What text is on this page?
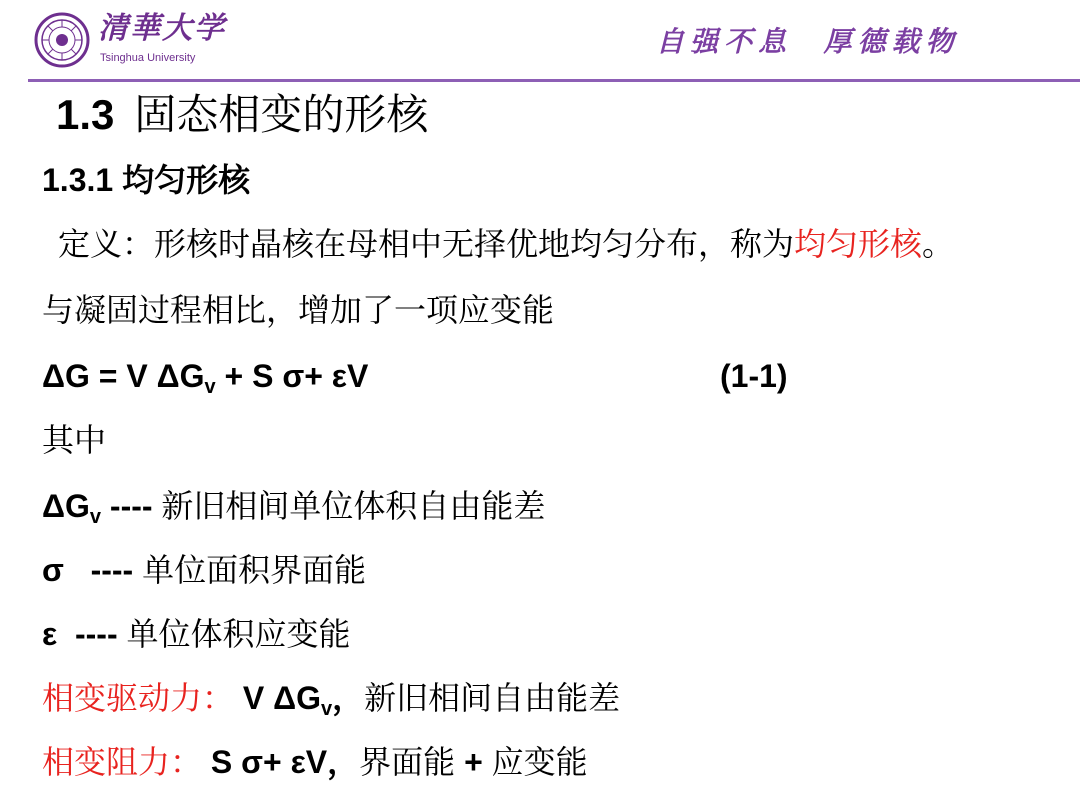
清華大学
Tsinghua University	自强不息  厚德载物
1.3 固态相变的形核
1.3.1 均匀形核
定义：形核时晶核在母相中无择优地均匀分布，称为均匀形核。
与凝固过程相比，增加了一项应变能
ΔG = V $\Delta G_v + S$ σ+ εV	(1-1)
其中
$\Delta G_v$ ---- 新旧相间单位体积自由能差
σ   ---- 单位面积界面能
ε  ---- 单位体积应变能
相变驱动力： V $\Delta G_v$，新旧相间自由能差
相变阻力： S σ+ εV，界面能 + 应变能
